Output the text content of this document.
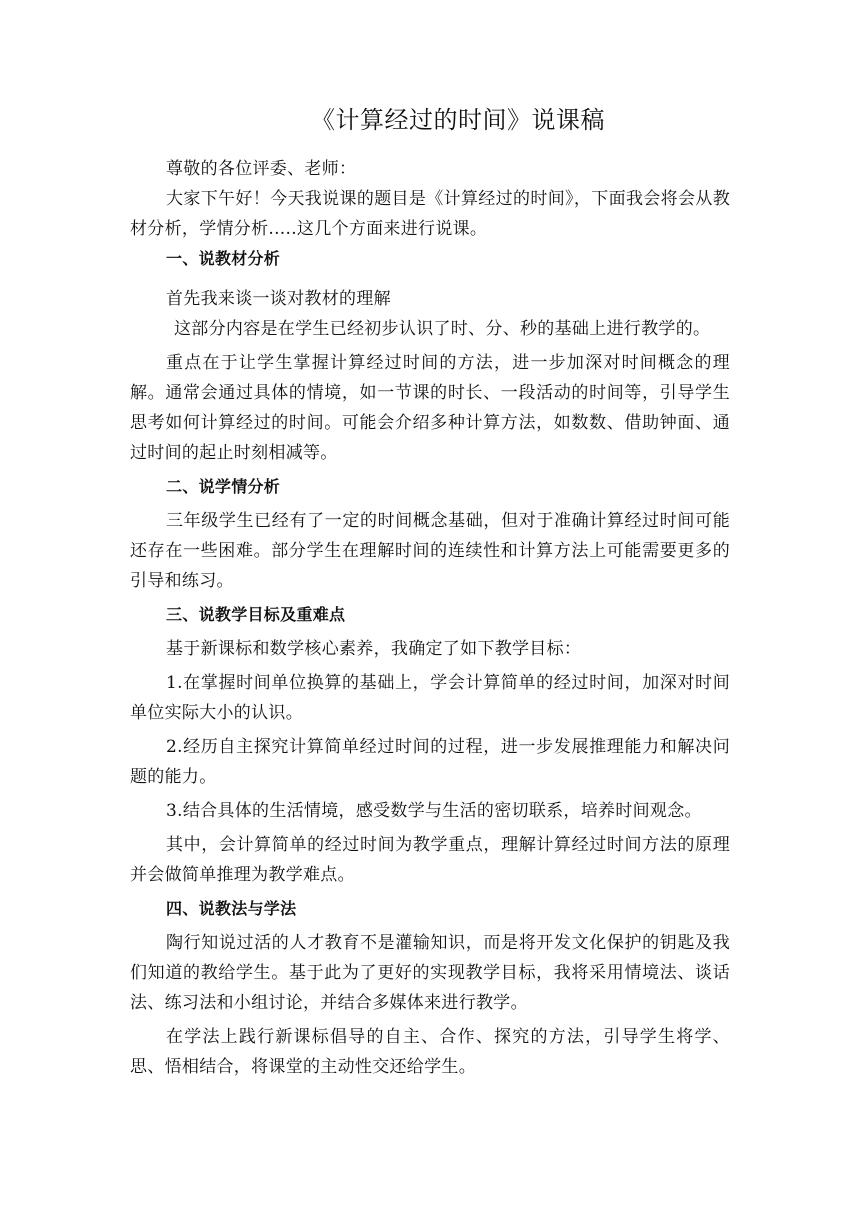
《计算经过的时间》说课稿

尊敬的各位评委、老师：

大家下午好！今天我说课的题目是《计算经过的时间》，下面我会将会从教材分析，学情分析.....这几个方面来进行说课。

一、说教材分析

首先我来谈一谈对教材的理解

这部分内容是在学生已经初步认识了时、分、秒的基础上进行教学的。

重点在于让学生掌握计算经过时间的方法，进一步加深对时间概念的理解。通常会通过具体的情境，如一节课的时长、一段活动的时间等，引导学生思考如何计算经过的时间。可能会介绍多种计算方法，如数数、借助钟面、通过时间的起止时刻相减等。

二、说学情分析

三年级学生已经有了一定的时间概念基础，但对于准确计算经过时间可能还存在一些困难。部分学生在理解时间的连续性和计算方法上可能需要更多的引导和练习。

三、说教学目标及重难点

基于新课标和数学核心素养，我确定了如下教学目标：

1.在掌握时间单位换算的基础上，学会计算简单的经过时间，加深对时间单位实际大小的认识。

2.经历自主探究计算简单经过时间的过程，进一步发展推理能力和解决问题的能力。

3.结合具体的生活情境，感受数学与生活的密切联系，培养时间观念。

其中，会计算简单的经过时间为教学重点，理解计算经过时间方法的原理并会做简单推理为教学难点。

四、说教法与学法

陶行知说过活的人才教育不是灌输知识，而是将开发文化保护的钥匙及我们知道的教给学生。基于此为了更好的实现教学目标，我将采用情境法、谈话法、练习法和小组讨论，并结合多媒体来进行教学。

在学法上践行新课标倡导的自主、合作、探究的方法，引导学生将学、思、悟相结合，将课堂的主动性交还给学生。
